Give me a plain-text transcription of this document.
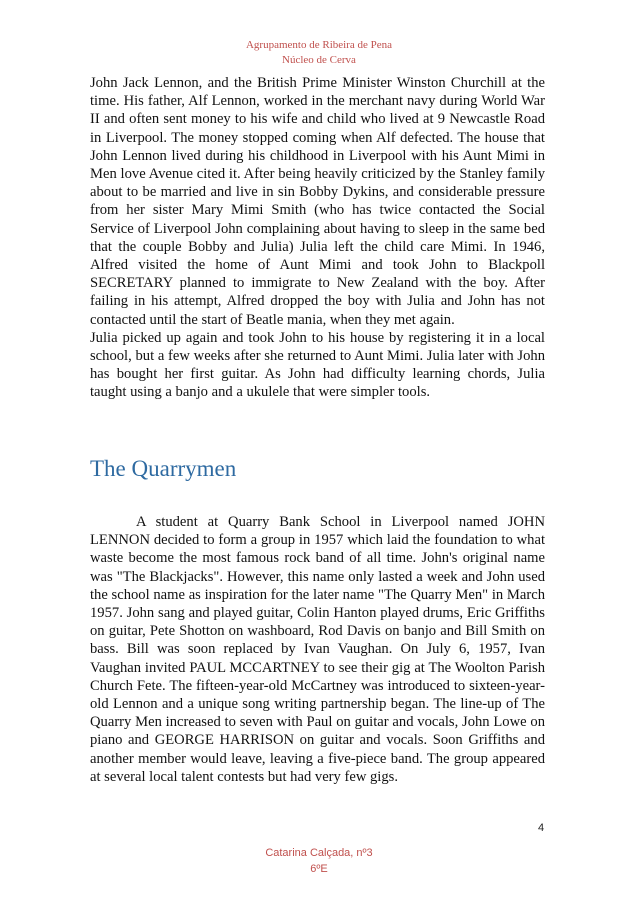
Agrupamento de Ribeira de Pena
Núcleo de Cerva

John Jack Lennon, and the British Prime Minister Winston Churchill at the time. His father, Alf Lennon, worked in the merchant navy during World War II and often sent money to his wife and child who lived at 9 Newcastle Road in Liverpool. The money stopped coming when Alf defected. The house that John Lennon lived during his childhood in Liverpool with his Aunt Mimi in Men love Avenue cited it. After being heavily criticized by the Stanley family about to be married and live in sin Bobby Dykins, and considerable pressure from her sister Mary Mimi Smith (who has twice contacted the Social Service of Liverpool John complaining about having to sleep in the same bed that the couple Bobby and Julia) Julia left the child care Mimi. In 1946, Alfred visited the home of Aunt Mimi and took John to Blackpoll SECRETARY planned to immigrate to New Zealand with the boy. After failing in his attempt, Alfred dropped the boy with Julia and John has not contacted until the start of Beatle mania, when they met again.

Julia picked up again and took John to his house by registering it in a local school, but a few weeks after she returned to Aunt Mimi. Julia later with John has bought her first guitar. As John had difficulty learning chords, Julia taught using a banjo and a ukulele that were simpler tools.

The Quarrymen

A student at Quarry Bank School in Liverpool named JOHN LENNON decided to form a group in 1957 which laid the foundation to what waste become the most famous rock band of all time. John's original name was "The Blackjacks". However, this name only lasted a week and John used the school name as inspiration for the later name "The Quarry Men" in March 1957. John sang and played guitar, Colin Hanton played drums, Eric Griffiths on guitar, Pete Shotton on washboard, Rod Davis on banjo and Bill Smith on bass. Bill was soon replaced by Ivan Vaughan. On July 6, 1957, Ivan Vaughan invited PAUL MCCARTNEY to see their gig at The Woolton Parish Church Fete. The fifteen-year-old McCartney was introduced to sixteen-year-old Lennon and a unique song writing partnership began. The line-up of The Quarry Men increased to seven with Paul on guitar and vocals, John Lowe on piano and GEORGE HARRISON on guitar and vocals. Soon Griffiths and another member would leave, leaving a five-piece band. The group appeared at several local talent contests but had very few gigs.

4
Catarina Calçada, nº3
6ºE
